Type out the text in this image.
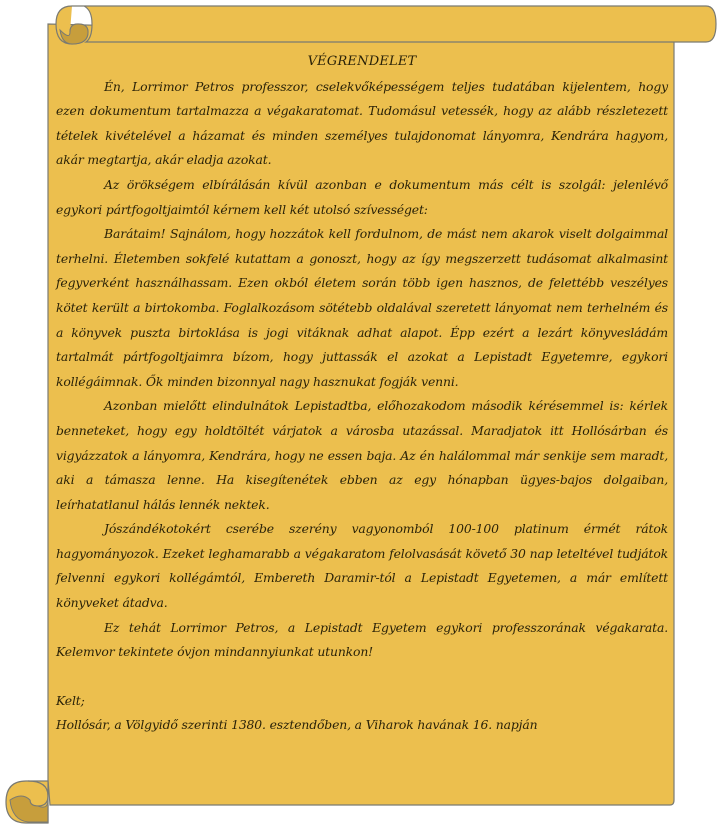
VÉGRENDELET

Én, Lorrimor Petros professzor, cselekvőképességem teljes tudatában kijelentem, hogy ezen dokumentum tartalmazza a végakaratomat. Tudomásul vetessék, hogy az alább részletezett tételek kivételével a házamat és minden személyes tulajdonomat lányomra, Kendrára hagyom, akár megtartja, akár eladja azokat.

Az örökségem elbírálásán kívül azonban e dokumentum más célt is szolgál: jelenlévő egykori pártfogoltjaimtól kérnem kell két utolsó szívességet:

Barátaim! Sajnálom, hogy hozzátok kell fordulnom, de mást nem akarok viselt dolgaimmal terhelni. Életemben sokfelé kutattam a gonoszt, hogy az így megszerzett tudásomat alkalmasint fegyverként használhassam. Ezen okból életem során több igen hasznos, de felettébb veszélyes kötet került a birtokomba. Foglalkozásom sötétebb oldalával szeretett lányomat nem terhelném és a könyvek puszta birtoklása is jogi vitáknak adhat alapot. Épp ezért a lezárt könyvesládám tartalmát pártfogoltjaimra bízom, hogy juttassák el azokat a Lepistadt Egyetemre, egykori kollégáimnak. Ők minden bizonnyal nagy hasznukat fogják venni.

Azonban mielőtt elindulnátok Lepistadtba, előhozakodom második kérésemmel is: kérlek benneteket, hogy egy holdtöltét várjatok a városba utazással. Maradjatok itt Hollósárban és vigyázzatok a lányomra, Kendrára, hogy ne essen baja. Az én halálommal már senkije sem maradt, aki a támasza lenne. Ha kisegítenétek ebben az egy hónapban ügyes-bajos dolgaiban, leírhatatlanul hálás lennék nektek.

Jószándékotokért cserébe szerény vagyonomból 100-100 platinum érmét rátok hagyományozok. Ezeket leghamarabb a végakaratom felolvasását követő 30 nap leteltével tudjátok felvenni egykori kollégámtól, Embereth Daramir-tól a Lepistadt Egyetemen, a már említett könyveket átadva.

Ez tehát Lorrimor Petros, a Lepistadt Egyetem egykori professzorának végakarata. Kelemvor tekintete óvjon mindannyiunkat utunkon!

Kelt;

Hollósár, a Völgyidő szerinti 1380. esztendőben, a Viharok havának 16. napján
